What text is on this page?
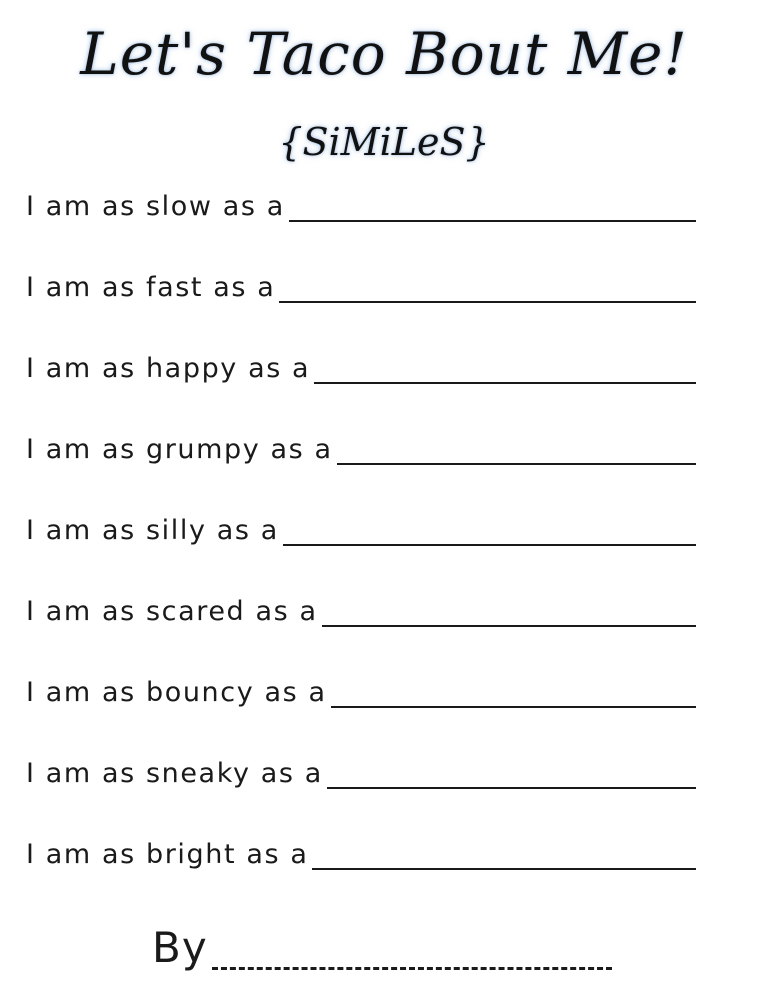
Let's Taco Bout Me!
{SiMiLeS}
I am as slow as a
I am as fast as a
I am as happy as a
I am as grumpy as a
I am as silly as a
I am as scared as a
I am as bouncy as a
I am as sneaky as a
I am as bright as a
By
